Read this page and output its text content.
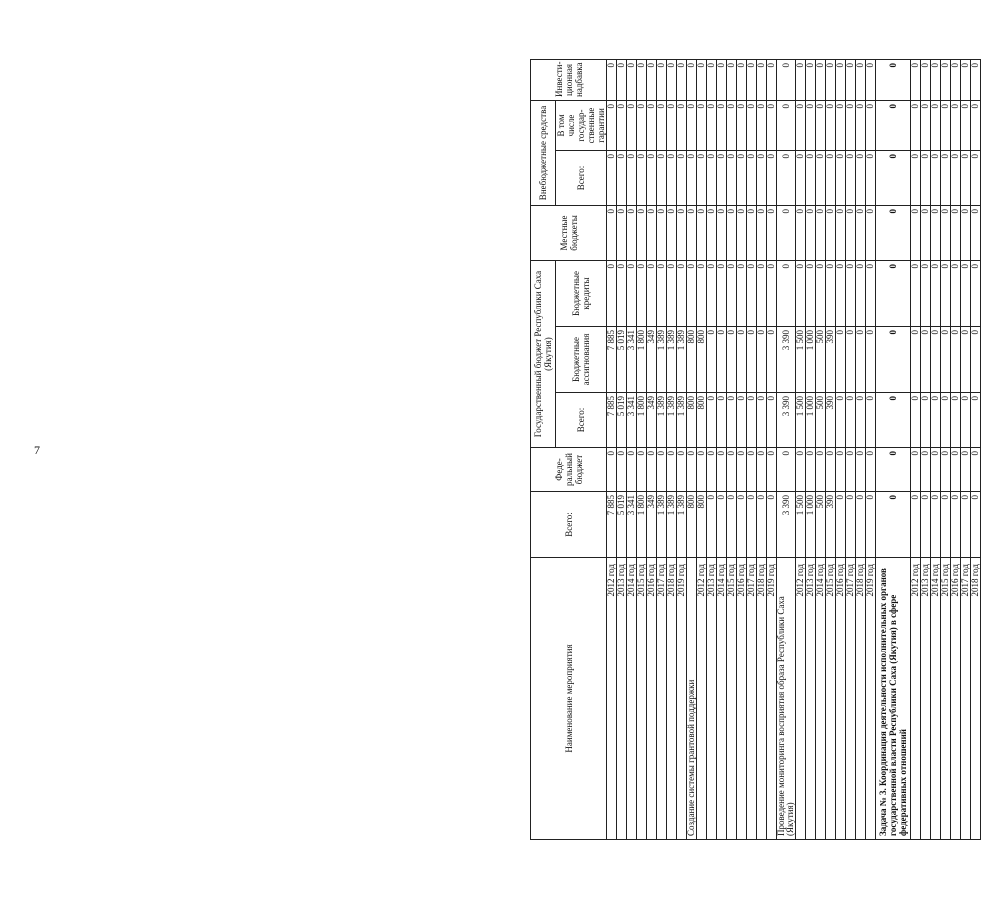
7
Наименование мероприятия	Всего:	Феде-ральный бюджет	Государственный бюджет Республики Саха (Якутия)			Местные бюджеты	Внебюджетные средства		Инвести-ционная надбавка
			Всего:	Бюджетные ассигнования	Бюджетные кредиты		Всего:	В том числе государ-ственные гарантии	
2012 год	7 885	0	7 885	7 885	0	0	0	0	0
2013 год	5 019	0	5 019	5 019	0	0	0	0	0
2014 год	3 341	0	3 341	3 341	0	0	0	0	0
2015 год	1 800	0	1 800	1 800	0	0	0	0	0
2016 год	349	0	349	349	0	0	0	0	0
2017 год	1 389	0	1 389	1 389	0	0	0	0	0
2018 год	1 389	0	1 389	1 389	0	0	0	0	0
2019 год	1 389	0	1 389	1 389	0	0	0	0	0
Создание системы грантовой поддержки	800	0	800	800	0	0	0	0	0
2012 год	800	0	800	800	0	0	0	0	0
2013 год	0	0	0	0	0	0	0	0	0
2014 год	0	0	0	0	0	0	0	0	0
2015 год	0	0	0	0	0	0	0	0	0
2016 год	0	0	0	0	0	0	0	0	0
2017 год	0	0	0	0	0	0	0	0	0
2018 год	0	0	0	0	0	0	0	0	0
2019 год	0	0	0	0	0	0	0	0	0
Проведение мониторинга восприятия образа Республики Саха (Якутия)	3 390	0	3 390	3 390	0	0	0	0	0
2012 год	1 500	0	1 500	1 500	0	0	0	0	0
2013 год	1 000	0	1 000	1 000	0	0	0	0	0
2014 год	500	0	500	500	0	0	0	0	0
2015 год	390	0	390	390	0	0	0	0	0
2016 год	0	0	0	0	0	0	0	0	0
2017 год	0	0	0	0	0	0	0	0	0
2018 год	0	0	0	0	0	0	0	0	0
2019 год	0	0	0	0	0	0	0	0	0
Задача № 3. Координация деятельности исполнительных органов государственной власти Республики Саха (Якутия) в сфере федеративных отношений	0	0	0	0	0	0	0	0	0
2012 год	0	0	0	0	0	0	0	0	0
2013 год	0	0	0	0	0	0	0	0	0
2014 год	0	0	0	0	0	0	0	0	0
2015 год	0	0	0	0	0	0	0	0	0
2016 год	0	0	0	0	0	0	0	0	0
2017 год	0	0	0	0	0	0	0	0	0
2018 год	0	0	0	0	0	0	0	0	0
